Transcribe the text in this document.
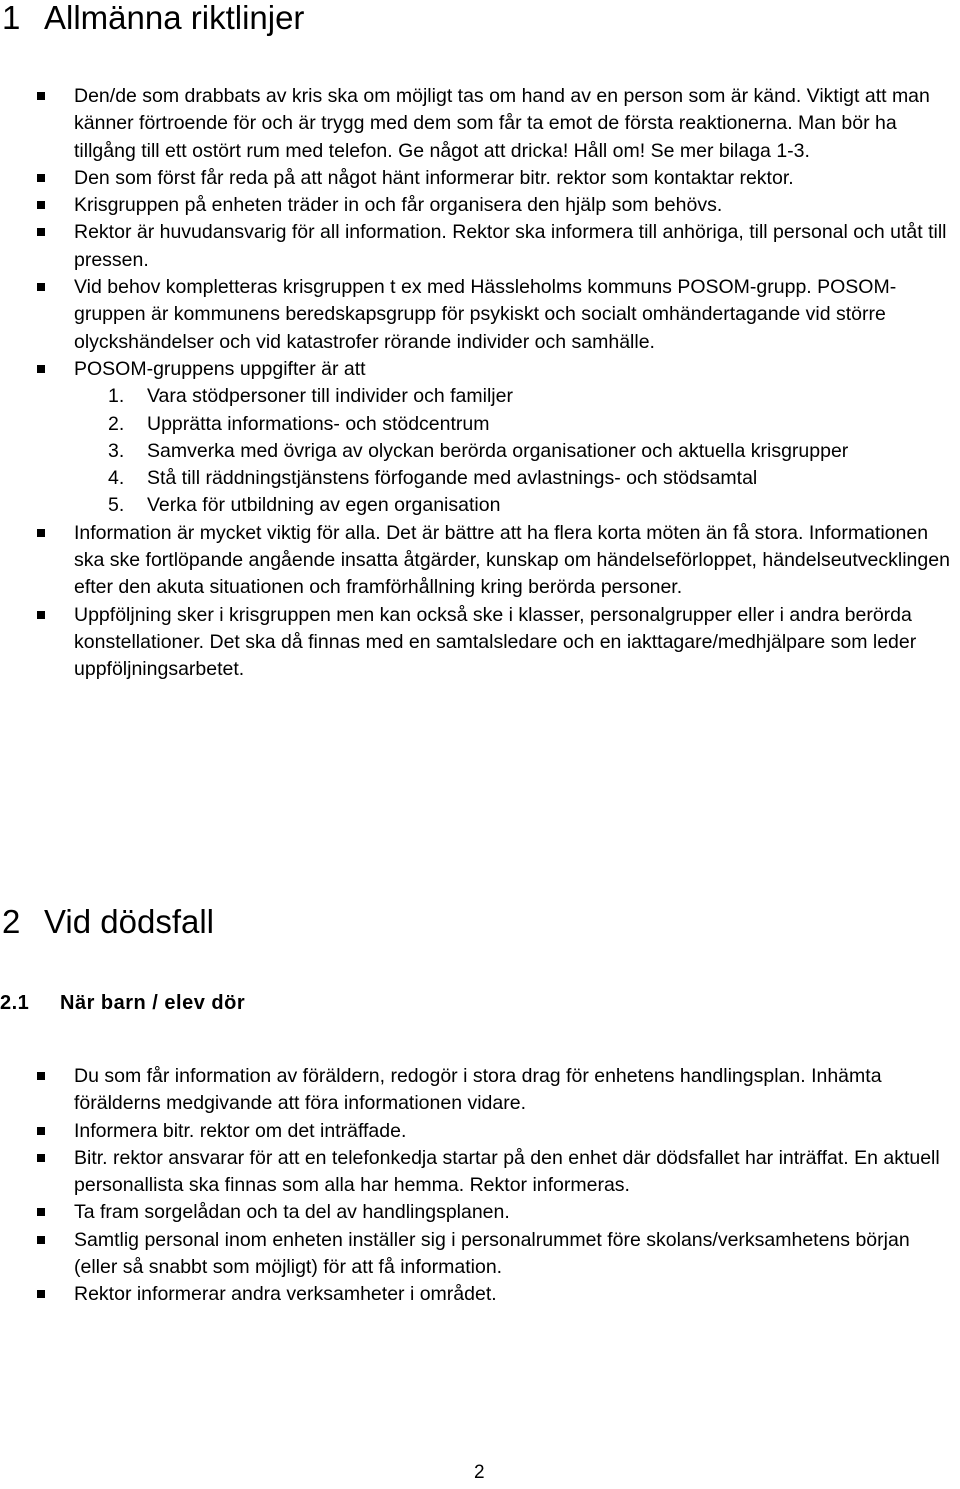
1 Allmänna riktlinjer
Den/de som drabbats av kris ska om möjligt tas om hand av en person som är känd. Viktigt att man känner förtroende för och är trygg med dem som får ta emot de första reaktionerna. Man bör ha tillgång till ett ostört rum med telefon. Ge något att dricka! Håll om! Se mer bilaga 1-3.
Den som först får reda på att något hänt informerar bitr. rektor som kontaktar rektor.
Krisgruppen på enheten träder in och får organisera den hjälp som behövs.
Rektor är huvudansvarig för all information. Rektor ska informera till anhöriga, till personal och utåt till pressen.
Vid behov kompletteras krisgruppen t ex med Hässleholms kommuns POSOM-grupp. POSOM-gruppen är kommunens beredskapsgrupp för psykiskt och socialt omhändertagande vid större olyckshändelser och vid katastrofer rörande individer och samhälle.
POSOM-gruppens uppgifter är att
1. Vara stödpersoner till individer och familjer
2. Upprätta informations- och stödcentrum
3. Samverka med övriga av olyckan berörda organisationer och aktuella krisgrupper
4. Stå till räddningstjänstens förfogande med avlastnings- och stödsamtal
5. Verka för utbildning av egen organisation
Information är mycket viktig för alla. Det är bättre att ha flera korta möten än få stora. Informationen ska ske fortlöpande angående insatta åtgärder, kunskap om händelseförloppet, händelseutvecklingen efter den akuta situationen och framförhållning kring berörda personer.
Uppföljning sker i krisgruppen men kan också ske i klasser, personalgrupper eller i andra berörda konstellationer. Det ska då finnas med en samtalsledare och en iakttagare/medhjälpare som leder uppföljningsarbetet.
2 Vid dödsfall
2.1 När barn / elev dör
Du som får information av föräldern, redogör i stora drag för enhetens handlingsplan. Inhämta förälderns medgivande att föra informationen vidare.
Informera bitr. rektor om det inträffade.
Bitr. rektor ansvarar för att en telefonkedja startar på den enhet där dödsfallet har inträffat. En aktuell personallista ska finnas som alla har hemma. Rektor informeras.
Ta fram sorgelådan och ta del av handlingsplanen.
Samtlig personal inom enheten inställer sig i personalrummet före skolans/verksamhetens början (eller så snabbt som möjligt) för att få information.
Rektor informerar andra verksamheter i området.
2
